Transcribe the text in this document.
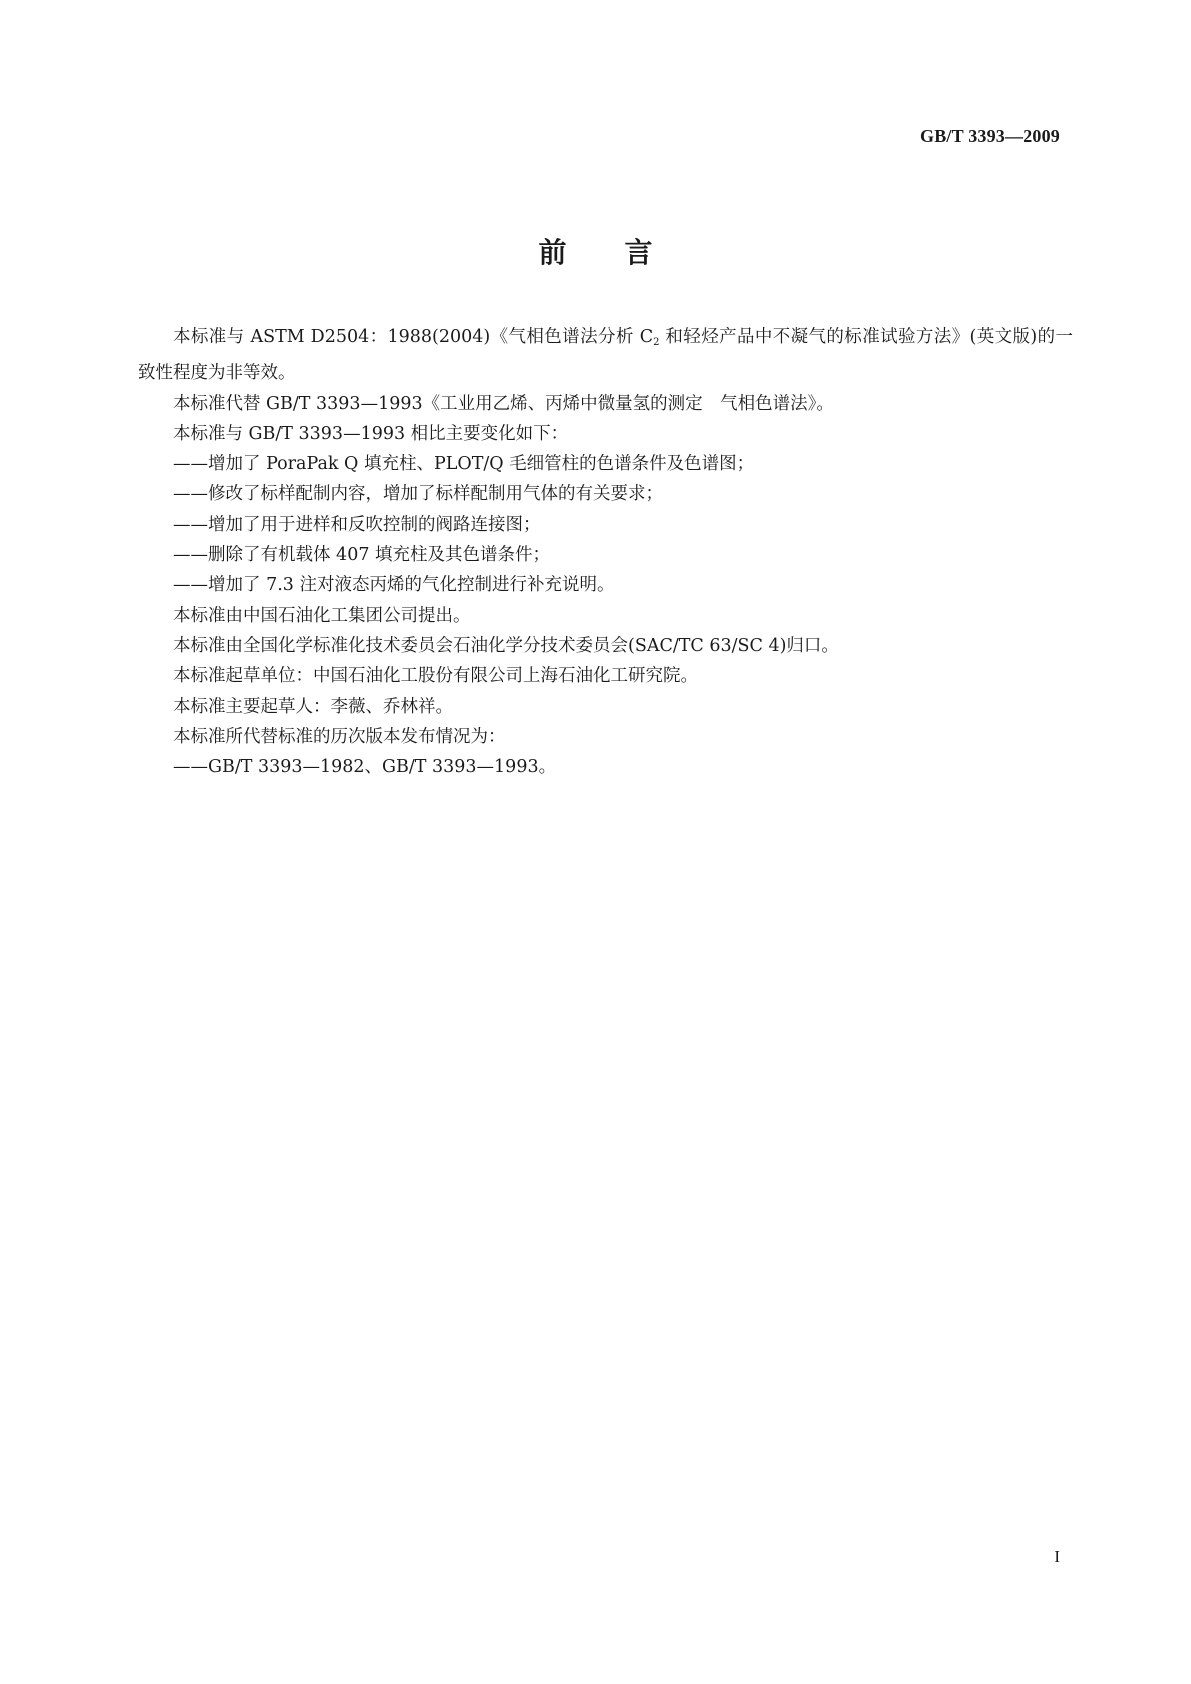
GB/T 3393—2009
前言

本标准与 ASTM D2504：1988(2004)《气相色谱法分析 $C_2$ 和轻烃产品中不凝气的标准试验方法》(英文版)的一致性程度为非等效。

本标准代替 GB/T 3393—1993《工业用乙烯、丙烯中微量氢的测定　气相色谱法》。

本标准与 GB/T 3393—1993 相比主要变化如下：

——增加了 PoraPak Q 填充柱、PLOT/Q 毛细管柱的色谱条件及色谱图；

——修改了标样配制内容，增加了标样配制用气体的有关要求；

——增加了用于进样和反吹控制的阀路连接图；

——删除了有机载体 407 填充柱及其色谱条件；

——增加了 7.3 注对液态丙烯的气化控制进行补充说明。

本标准由中国石油化工集团公司提出。

本标准由全国化学标准化技术委员会石油化学分技术委员会(SAC/TC 63/SC 4)归口。

本标准起草单位：中国石油化工股份有限公司上海石油化工研究院。

本标准主要起草人：李薇、乔林祥。

本标准所代替标准的历次版本发布情况为：

——GB/T 3393—1982、GB/T 3393—1993。

I
